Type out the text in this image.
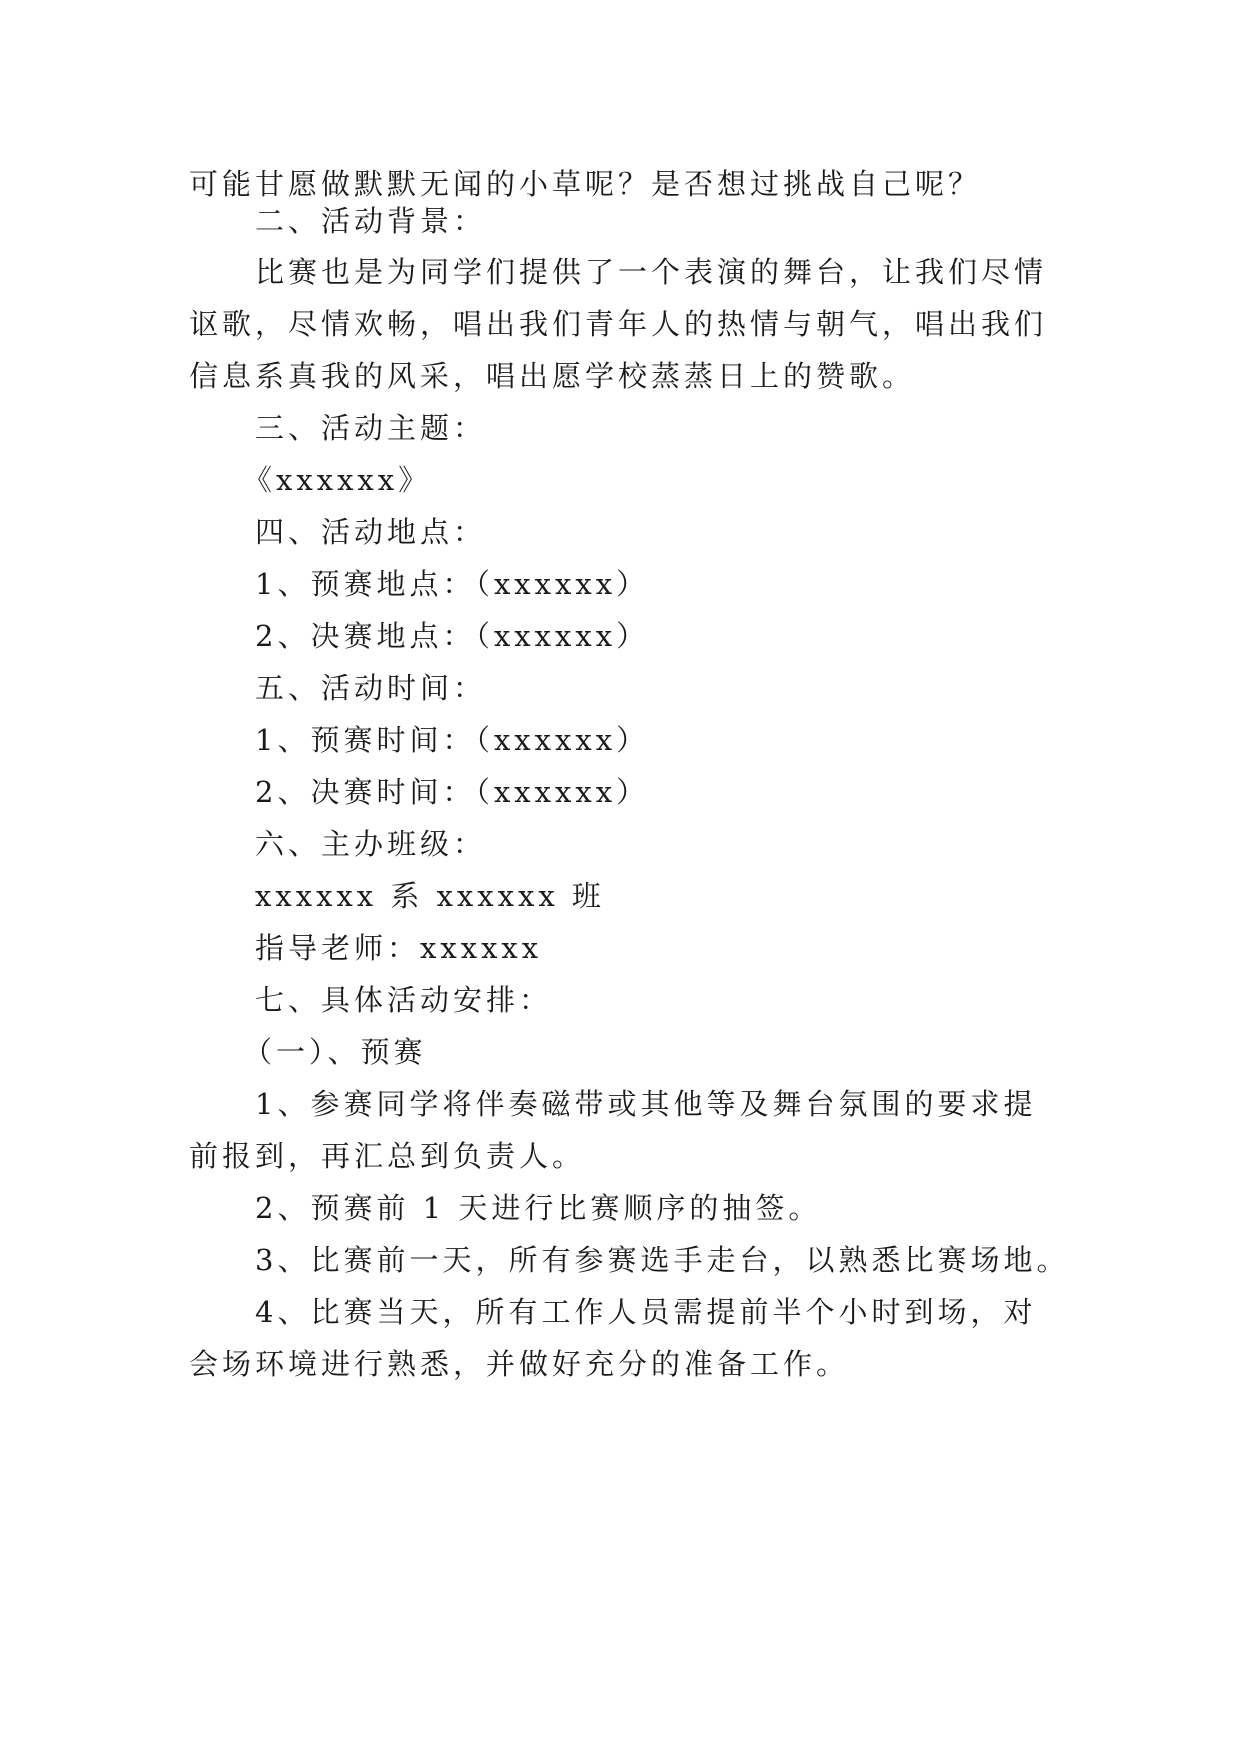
可能甘愿做默默无闻的小草呢？是否想过挑战自己呢？
二、活动背景：
比赛也是为同学们提供了一个表演的舞台，让我们尽情
讴歌，尽情欢畅，唱出我们青年人的热情与朝气，唱出我们
信息系真我的风采，唱出愿学校蒸蒸日上的赞歌。
三、活动主题：
《xxxxxx》
四、活动地点：
1、预赛地点：（xxxxxx）
2、决赛地点：（xxxxxx）
五、活动时间：
1、预赛时间：（xxxxxx）
2、决赛时间：（xxxxxx）
六、主办班级：
xxxxxx 系 xxxxxx 班
指导老师：xxxxxx
七、具体活动安排：
（一）、预赛
1、参赛同学将伴奏磁带或其他等及舞台氛围的要求提
前报到，再汇总到负责人。
2、预赛前 1 天进行比赛顺序的抽签。
3、比赛前一天，所有参赛选手走台，以熟悉比赛场地。
4、比赛当天，所有工作人员需提前半个小时到场，对
会场环境进行熟悉，并做好充分的准备工作。
